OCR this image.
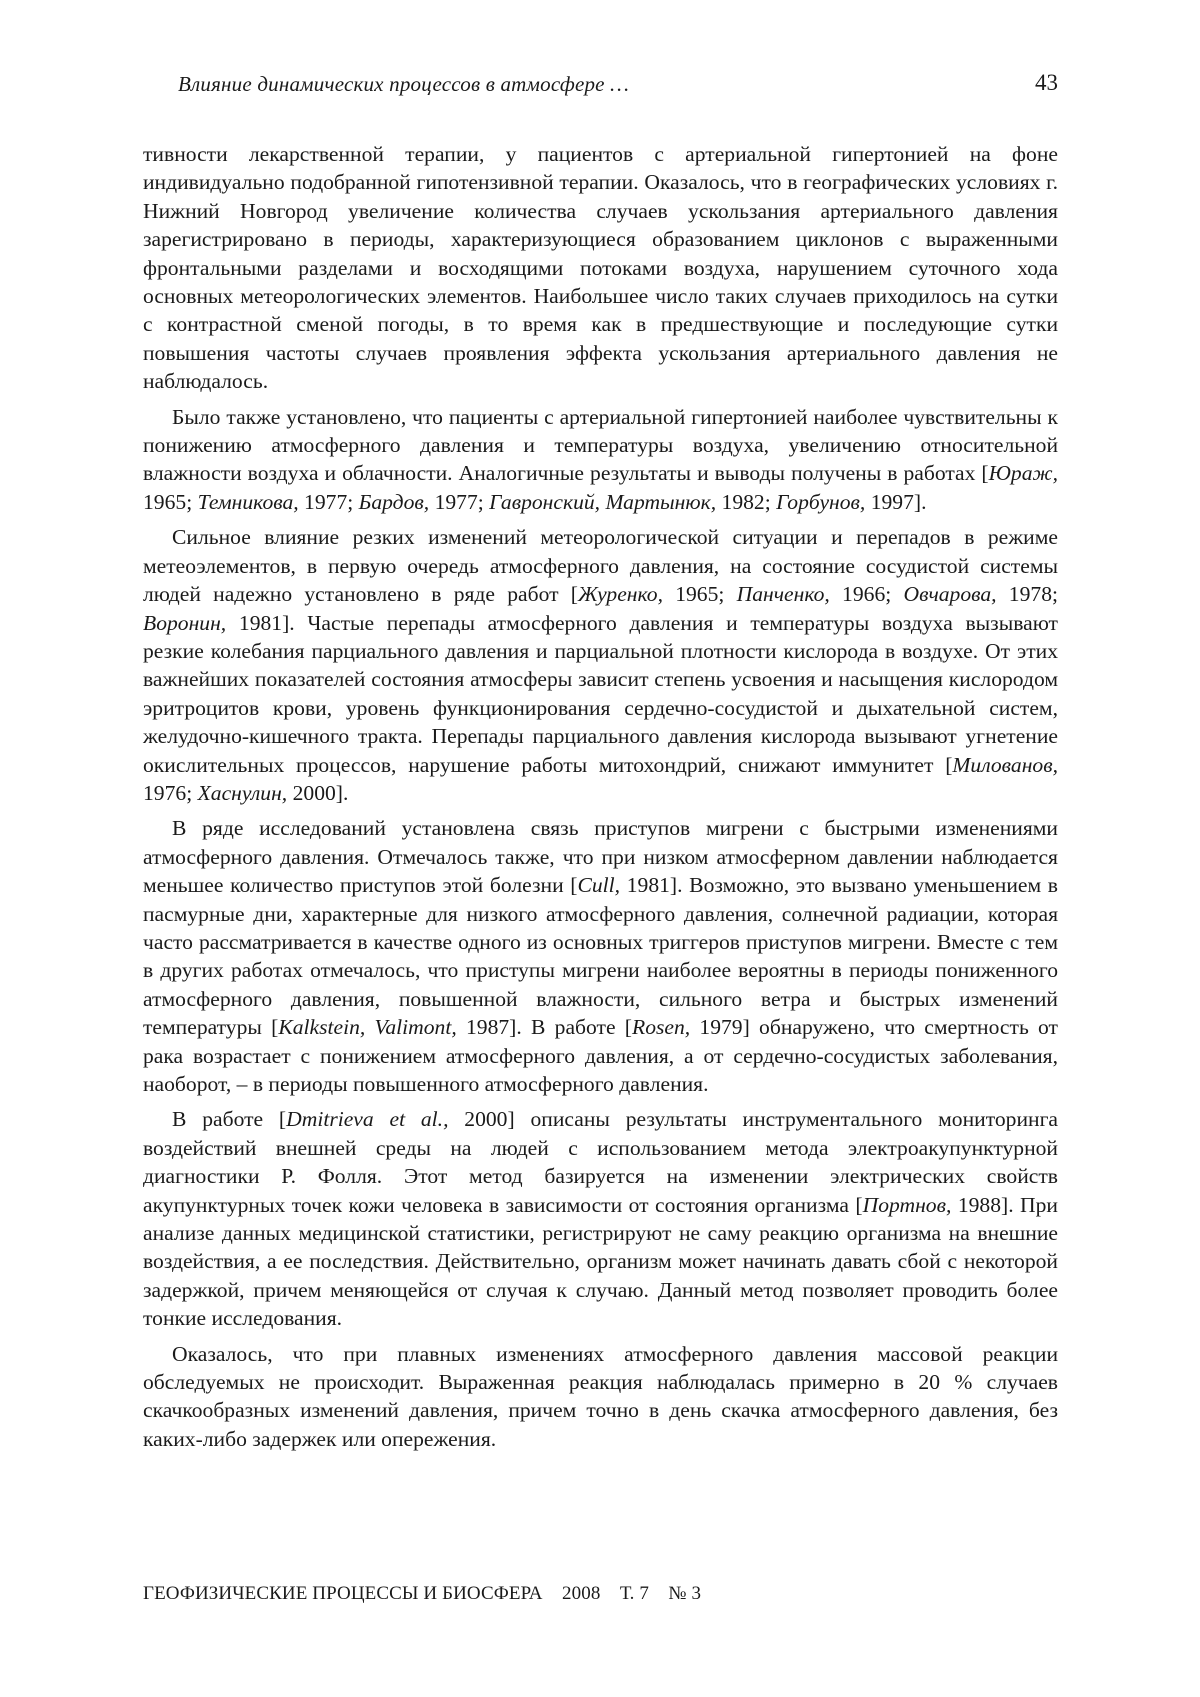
Влияние динамических процессов в атмосфере …	43

тивности лекарственной терапии, у пациентов с артериальной гипертонией на фоне индивидуально подобранной гипотензивной терапии. Оказалось, что в географических условиях г. Нижний Новгород увеличение количества случаев ускользания артериального давления зарегистрировано в периоды, характеризующиеся образованием циклонов с выраженными фронтальными разделами и восходящими потоками воздуха, нарушением суточного хода основных метеорологических элементов. Наибольшее число таких случаев приходилось на сутки с контрастной сменой погоды, в то время как в предшествующие и последующие сутки повышения частоты случаев проявления эффекта ускользания артериального давления не наблюдалось.

Было также установлено, что пациенты с артериальной гипертонией наиболее чувствительны к понижению атмосферного давления и температуры воздуха, увеличению относительной влажности воздуха и облачности. Аналогичные результаты и выводы получены в работах [Юраж, 1965; Темникова, 1977; Бардов, 1977; Гавронский, Мартынюк, 1982; Горбунов, 1997].

Сильное влияние резких изменений метеорологической ситуации и перепадов в режиме метеоэлементов, в первую очередь атмосферного давления, на состояние сосудистой системы людей надежно установлено в ряде работ [Журенко, 1965; Панченко, 1966; Овчарова, 1978; Воронин, 1981]. Частые перепады атмосферного давления и температуры воздуха вызывают резкие колебания парциального давления и парциальной плотности кислорода в воздухе. От этих важнейших показателей состояния атмосферы зависит степень усвоения и насыщения кислородом эритроцитов крови, уровень функционирования сердечно-сосудистой и дыхательной систем, желудочно-кишечного тракта. Перепады парциального давления кислорода вызывают угнетение окислительных процессов, нарушение работы митохондрий, снижают иммунитет [Милованов, 1976; Хаснулин, 2000].

В ряде исследований установлена связь приступов мигрени с быстрыми изменениями атмосферного давления. Отмечалось также, что при низком атмосферном давлении наблюдается меньшее количество приступов этой болезни [Cull, 1981]. Возможно, это вызвано уменьшением в пасмурные дни, характерные для низкого атмосферного давления, солнечной радиации, которая часто рассматривается в качестве одного из основных триггеров приступов мигрени. Вместе с тем в других работах отмечалось, что приступы мигрени наиболее вероятны в периоды пониженного атмосферного давления, повышенной влажности, сильного ветра и быстрых изменений температуры [Kalkstein, Valimont, 1987]. В работе [Rosen, 1979] обнаружено, что смертность от рака возрастает с понижением атмосферного давления, а от сердечно-сосудистых заболевания, наоборот, – в периоды повышенного атмосферного давления.

В работе [Dmitrieva et al., 2000] описаны результаты инструментального мониторинга воздействий внешней среды на людей с использованием метода электроакупунктурной диагностики Р. Фолля. Этот метод базируется на изменении электрических свойств акупунктурных точек кожи человека в зависимости от состояния организма [Портнов, 1988]. При анализе данных медицинской статистики, регистрируют не саму реакцию организма на внешние воздействия, а ее последствия. Действительно, организм может начинать давать сбой с некоторой задержкой, причем меняющейся от случая к случаю. Данный метод позволяет проводить более тонкие исследования.

Оказалось, что при плавных изменениях атмосферного давления массовой реакции обследуемых не происходит. Выраженная реакция наблюдалась примерно в 20 % случаев скачкообразных изменений давления, причем точно в день скачка атмосферного давления, без каких-либо задержек или опережения.

ГЕОФИЗИЧЕСКИЕ ПРОЦЕССЫ И БИОСФЕРА 2008 Т. 7 № 3
